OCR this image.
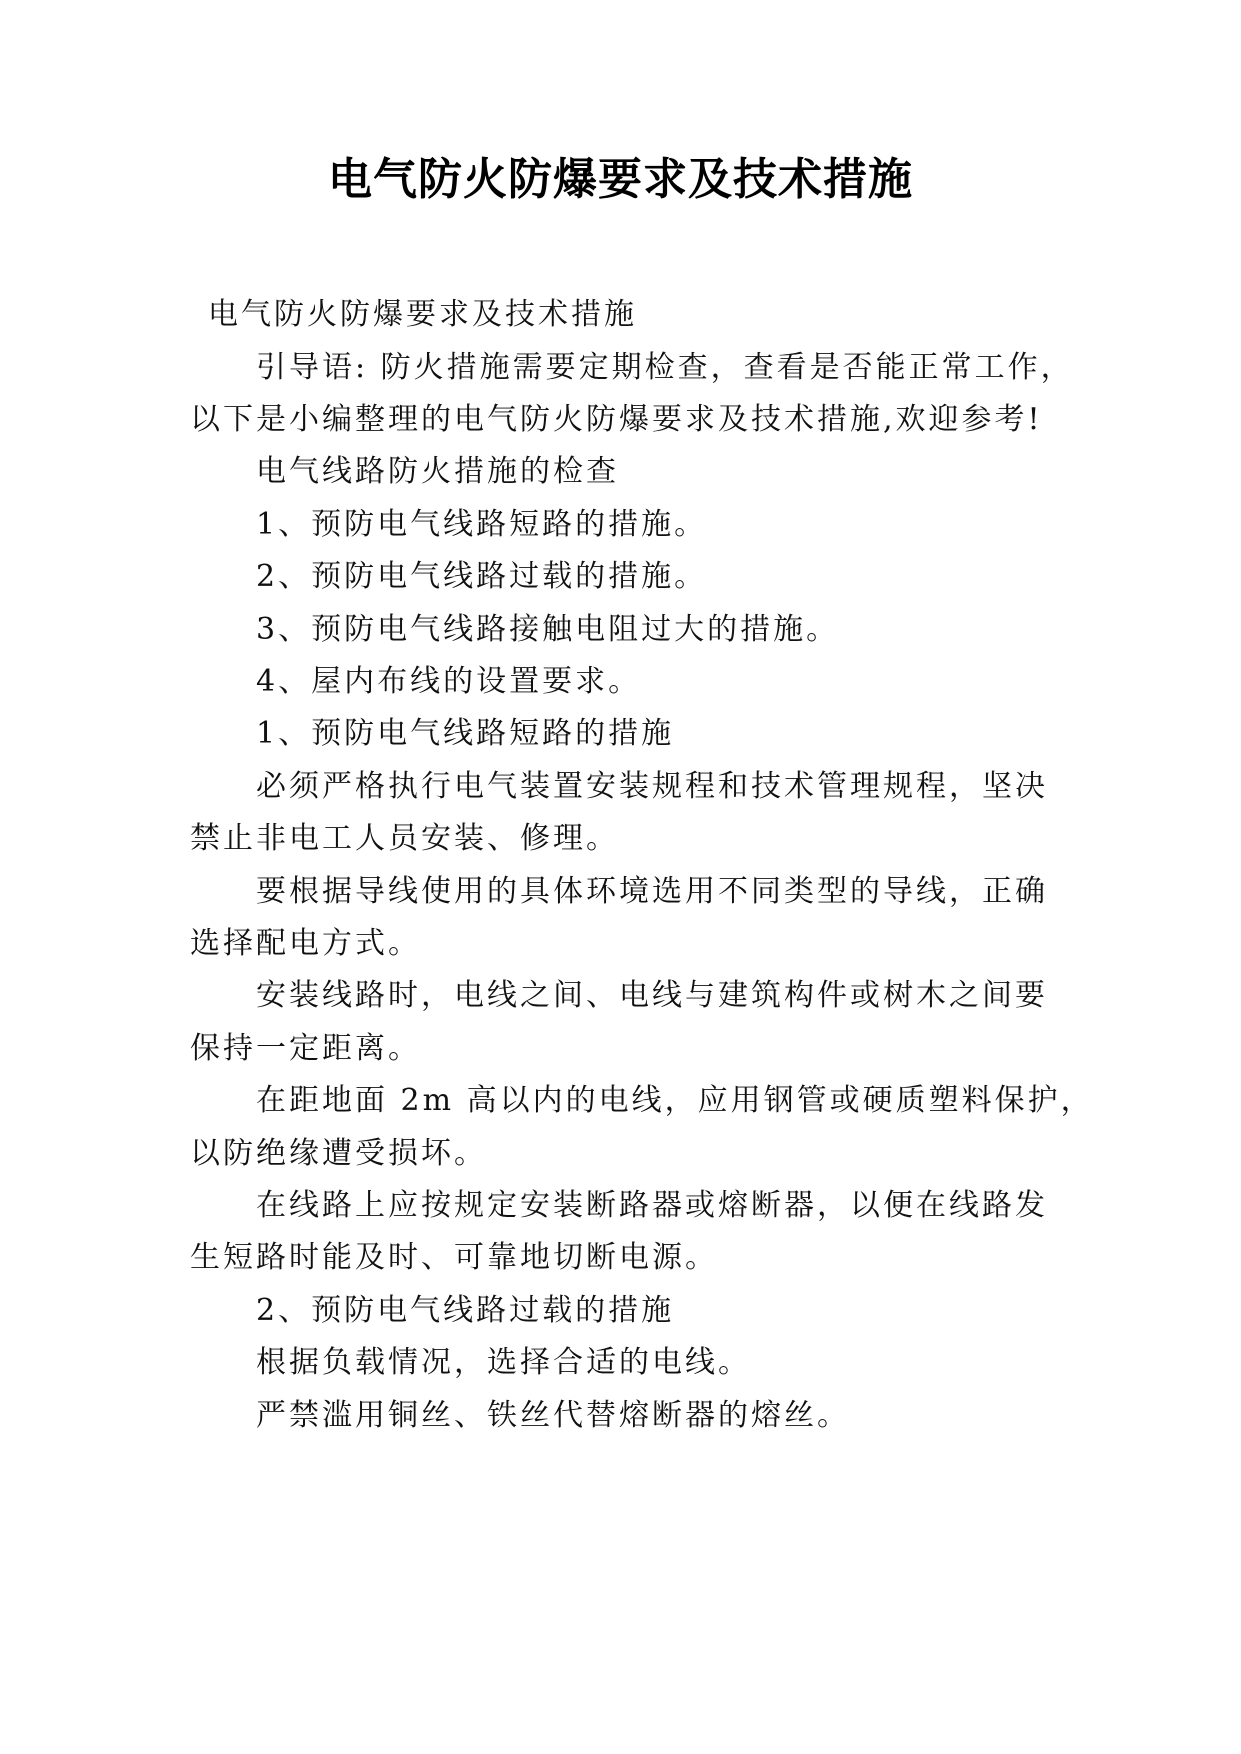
电气防火防爆要求及技术措施
电气防火防爆要求及技术措施
引导语: 防火措施需要定期检查，查看是否能正常工作，
以下是小编整理的电气防火防爆要求及技术措施,欢迎参考!
电气线路防火措施的检查
1、预防电气线路短路的措施。
2、预防电气线路过载的措施。
3、预防电气线路接触电阻过大的措施。
4、屋内布线的设置要求。
1、预防电气线路短路的措施
必须严格执行电气装置安装规程和技术管理规程，坚决
禁止非电工人员安装、修理。
要根据导线使用的具体环境选用不同类型的导线，正确
选择配电方式。
安装线路时，电线之间、电线与建筑构件或树木之间要
保持一定距离。
在距地面 2m 高以内的电线，应用钢管或硬质塑料保护，
以防绝缘遭受损坏。
在线路上应按规定安装断路器或熔断器，以便在线路发
生短路时能及时、可靠地切断电源。
2、预防电气线路过载的措施
根据负载情况，选择合适的电线。
严禁滥用铜丝、铁丝代替熔断器的熔丝。
